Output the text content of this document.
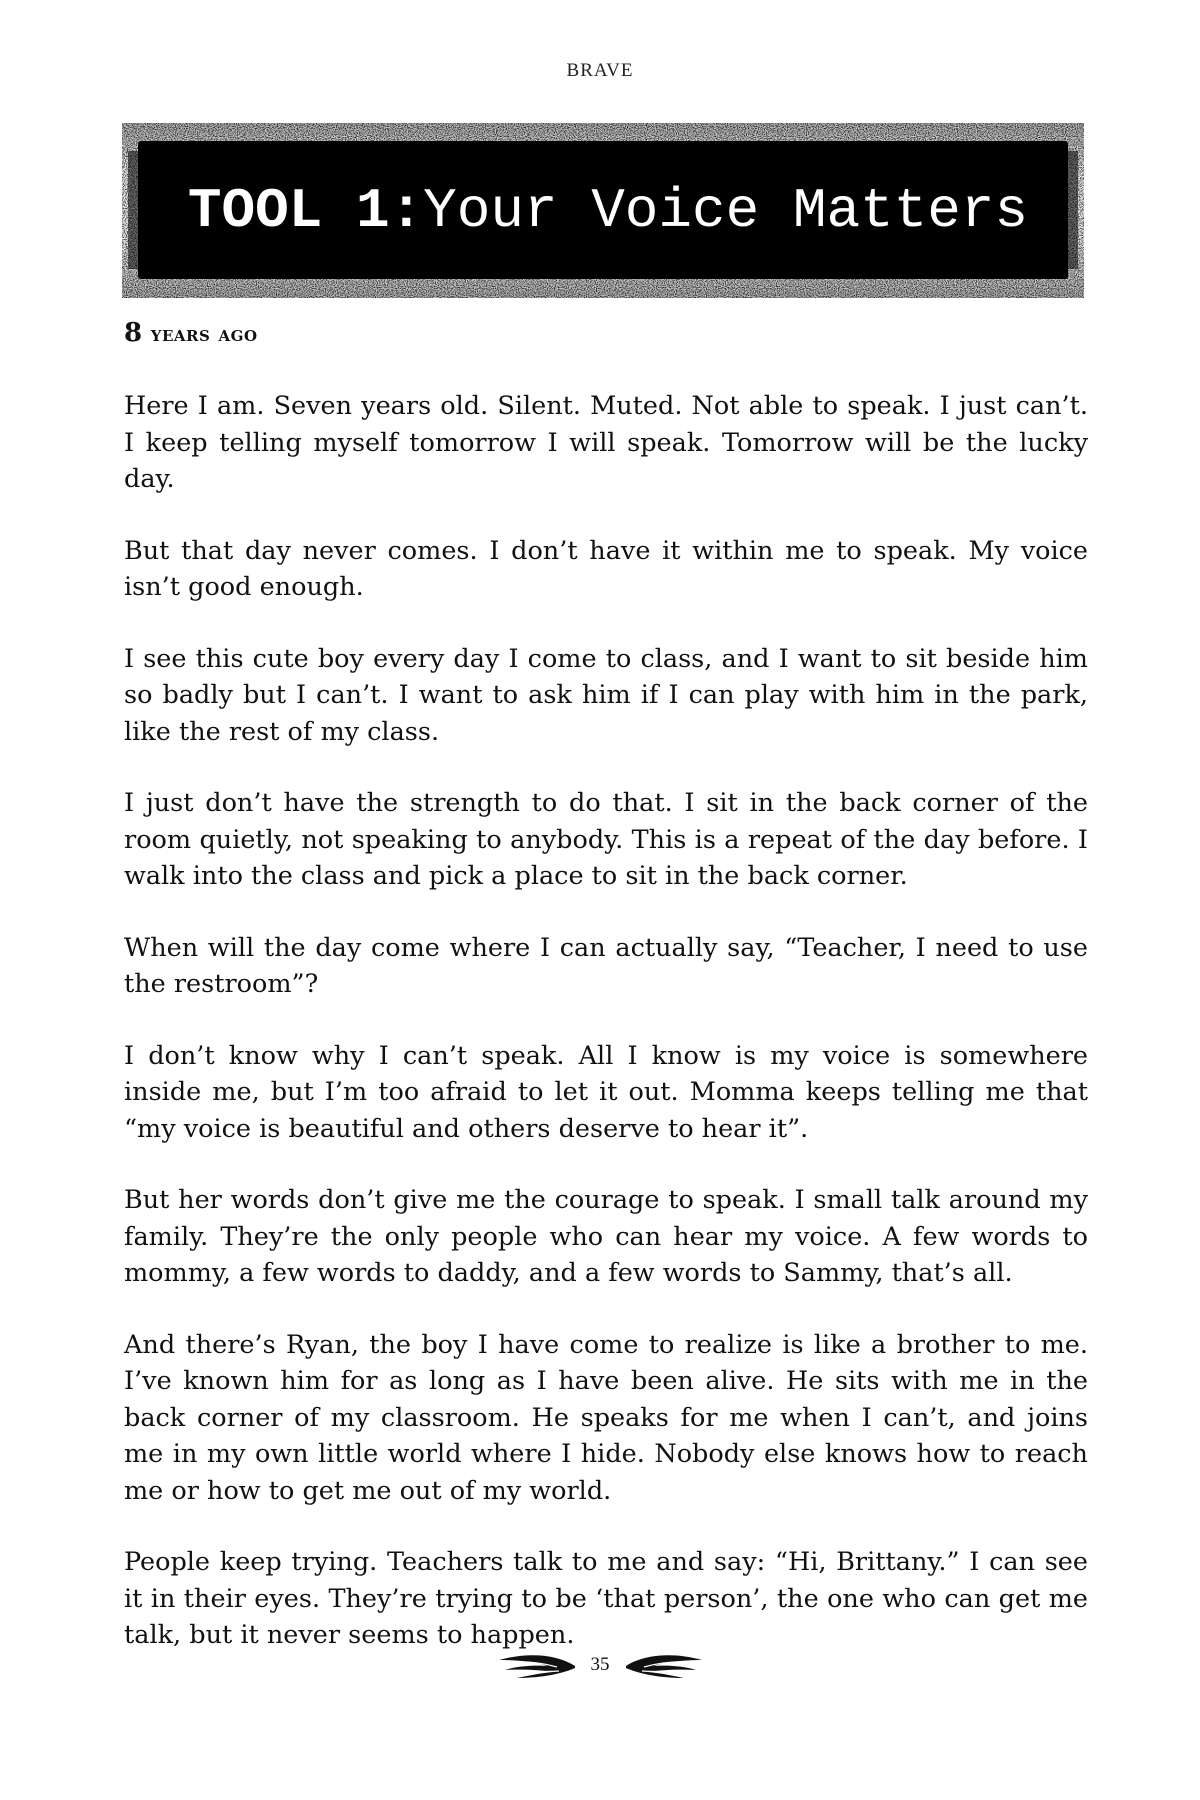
BRAVE
TOOL 1: Your Voice Matters
8 years ago

Here I am. Seven years old. Silent. Muted. Not able to speak. I just can’t. I keep telling myself tomorrow I will speak. Tomorrow will be the lucky day.

But that day never comes. I don’t have it within me to speak. My voice isn’t good enough.

I see this cute boy every day I come to class, and I want to sit beside him so badly but I can’t. I want to ask him if I can play with him in the park, like the rest of my class.

I just don’t have the strength to do that. I sit in the back corner of the room quietly, not speaking to anybody. This is a repeat of the day before. I walk into the class and pick a place to sit in the back corner.

When will the day come where I can actually say, “Teacher, I need to use the restroom”?

I don’t know why I can’t speak. All I know is my voice is somewhere inside me, but I’m too afraid to let it out. Momma keeps telling me that “my voice is beautiful and others deserve to hear it”.

But her words don’t give me the courage to speak. I small talk around my family. They’re the only people who can hear my voice. A few words to mommy, a few words to daddy, and a few words to Sammy, that’s all.

And there’s Ryan, the boy I have come to realize is like a brother to me. I’ve known him for as long as I have been alive. He sits with me in the back corner of my classroom. He speaks for me when I can’t, and joins me in my own little world where I hide. Nobody else knows how to reach me or how to get me out of my world.

People keep trying. Teachers talk to me and say: “Hi, Brittany.” I can see it in their eyes. They’re trying to be ‘that person’, the one who can get me talk, but it never seems to happen.

35
